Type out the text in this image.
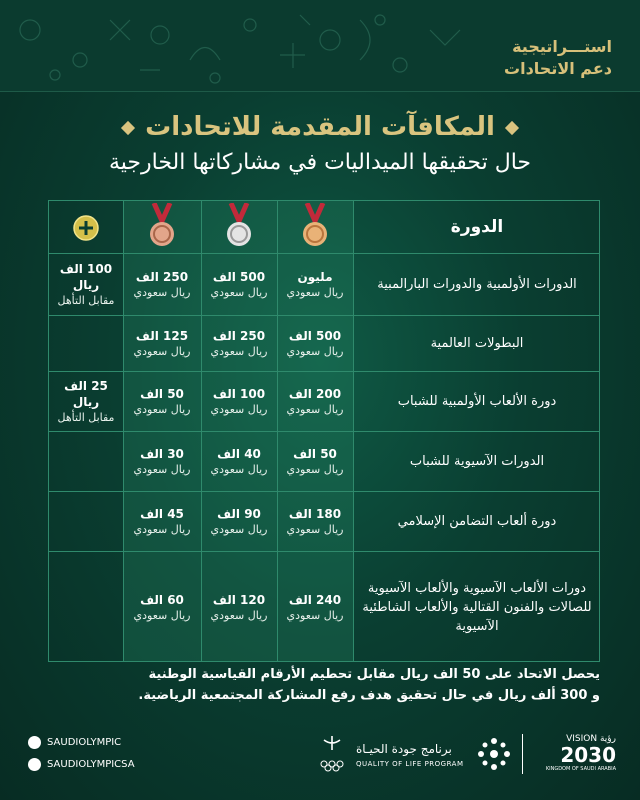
استـــراتيجية
دعم الاتحادات
المكافآت المقدمة للاتحادات
حال تحقيقها الميداليات في مشاركاتها الخارجية
الدورة
الدورات الأولمبية والدورات البارالمبية
100 الف ريال
مقابل التأهل
250 الف
ريال سعودي
500 الف
ريال سعودي
مليون
ريال سعودي
البطولات العالمية
125 الف
ريال سعودي
250 الف
ريال سعودي
500 الف
ريال سعودي
دورة الألعاب الأولمبية للشباب
25 الف ريال
مقابل التأهل
50 الف
ريال سعودي
100 الف
ريال سعودي
200 الف
ريال سعودي
الدورات الآسيوية للشباب
30 الف
ريال سعودي
40 الف
ريال سعودي
50 الف
ريال سعودي
دورة ألعاب التضامن الإسلامي
45 الف
ريال سعودي
90 الف
ريال سعودي
180 الف
ريال سعودي
دورات الألعاب الآسيوية والألعاب الآسيوية للصالات والفنون القتالية والألعاب الشاطئية الآسيوية
60 الف
ريال سعودي
120 الف
ريال سعودي
240 الف
ريال سعودي
يحصل الاتحاد على 50 الف ريال مقابل تحطيم الأرقام القياسية الوطنية
و 300 ألف ريال في حال تحقيق هدف رفع المشاركة المجتمعية الرياضية.
SAUDIOLYMPIC
SAUDIOLYMPICSA
برنامج جودة الحيـاة
QUALITY OF LIFE PROGRAM
VISION رؤية
2030
KINGDOM OF SAUDI ARABIA
